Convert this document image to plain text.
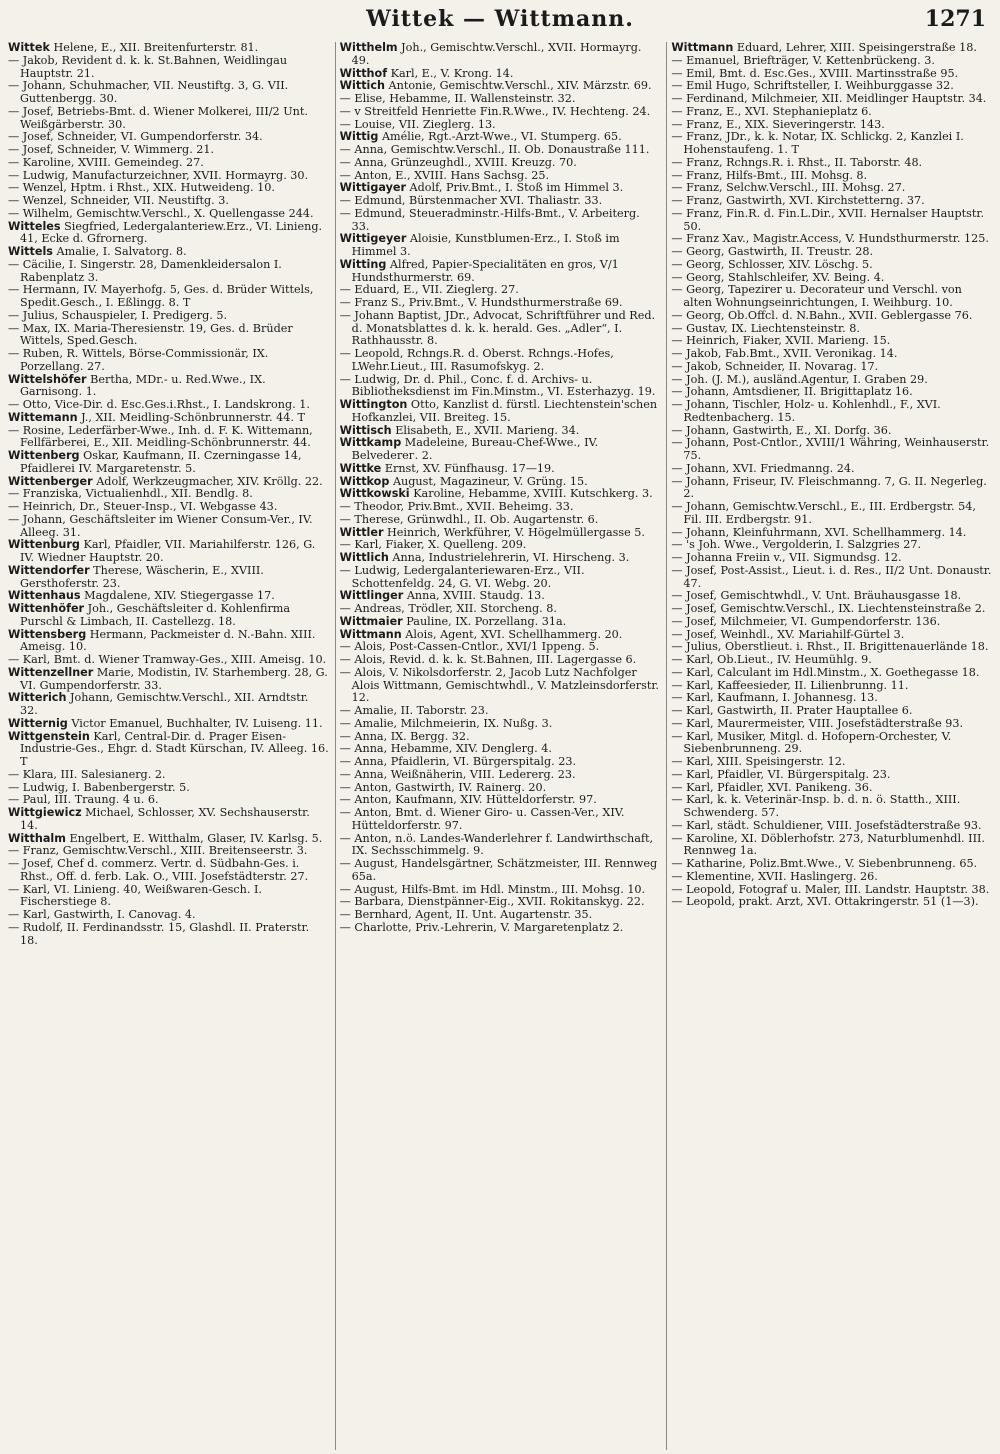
Wittek — Wittmann.	1271

Wittek Helene, E., XII. Breitenfurterstr. 81.

— Jakob, Revident d. k. k. St.Bahnen, Weidlingau Hauptstr. 21.

— Johann, Schuhmacher, VII. Neustiftg. 3, G. VII. Guttenbergg. 30.

— Josef, Betriebs-Bmt. d. Wiener Molkerei, III/2 Unt. Weißgärberstr. 30.

— Josef, Schneider, VI. Gumpendorferstr. 34.

— Josef, Schneider, V. Wimmerg. 21.

— Karoline, XVIII. Gemeindeg. 27.

— Ludwig, Manufacturzeichner, XVII. Hormayrg. 30.

— Wenzel, Hptm. i Rhst., XIX. Hutweideng. 10.

— Wenzel, Schneider, VII. Neustiftg. 3.

— Wilhelm, Gemischtw.Verschl., X. Quellengasse 244.

Witteles Siegfried, Ledergalanteriew.Erz., VI. Linieng. 41, Ecke d. Gfrornerg.

Wittels Amalie, I. Salvatorg. 8.

— Cäcilie, I. Singerstr. 28, Damenkleidersalon I. Rabenplatz 3.

— Hermann, IV. Mayerhofg. 5, Ges. d. Brüder Wittels, Spedit.Gesch., I. Eßlingg. 8. T

— Julius, Schauspieler, I. Predigerg. 5.

— Max, IX. Maria-Theresienstr. 19, Ges. d. Brüder Wittels, Sped.Gesch.

— Ruben, R. Wittels, Börse-Commissionär, IX. Porzellang. 27.

Wittelshöfer Bertha, MDr.- u. Red.Wwe., IX. Garnisong. 1.

— Otto, Vice-Dir. d. Esc.Ges.i.Rhst., I. Landskrong. 1.

Wittemann J., XII. Meidling-Schönbrunnerstr. 44. T

— Rosine, Lederfärber-Wwe., Inh. d. F. K. Wittemann, Fellfärberei, E., XII. Meidling-Schönbrunnerstr. 44.

Wittenberg Oskar, Kaufmann, II. Czerningasse 14, Pfaidlerei IV. Margaretenstr. 5.

Wittenberger Adolf, Werkzeugmacher, XIV. Kröllg. 22.

— Franziska, Victualienhdl., XII. Bendlg. 8.

— Heinrich, Dr., Steuer-Insp., VI. Webgasse 43.

— Johann, Geschäftsleiter im Wiener Consum-Ver., IV. Alleeg. 31.

Wittenburg Karl, Pfaidler, VII. Mariahilferstr. 126, G. IV. Wiedner Hauptstr. 20.

Wittendorfer Therese, Wäscherin, E., XVIII. Gersthoferstr. 23.

Wittenhaus Magdalene, XIV. Stiegergasse 17.

Wittenhöfer Joh., Geschäftsleiter d. Kohlenfirma Purschl & Limbach, II. Castellezg. 18.

Wittensberg Hermann, Packmeister d. N.-Bahn. XIII. Ameisg. 10.

— Karl, Bmt. d. Wiener Tramway-Ges., XIII. Ameisg. 10.

Wittenzellner Marie, Modistin, IV. Starhemberg. 28, G. VI. Gumpendorferstr. 33.

Witterich Johann, Gemischtw.Verschl., XII. Arndtstr. 32.

Witternig Victor Emanuel, Buchhalter, IV. Luiseng. 11.

Wittgenstein Karl, Central-Dir. d. Prager Eisen-Industrie-Ges., Ehgr. d. Stadt Kürschan, IV. Alleeg. 16. T

— Klara, III. Salesianerg. 2.

— Ludwig, I. Babenbergerstr. 5.

— Paul, III. Traung. 4 u. 6.

Wittgiewicz Michael, Schlosser, XV. Sechshauserstr. 14.

Witthalm Engelbert, E. Witthalm, Glaser, IV. Karlsg. 5.

— Franz, Gemischtw.Verschl., XIII. Breitenseerstr. 3.

— Josef, Chef d. commerz. Vertr. d. Südbahn-Ges. i. Rhst., Off. d. ferb. Lak. O., VIII. Josefstädterstr. 27.

— Karl, VI. Linieng. 40, Weißwaren-Gesch. I. Fischerstiege 8.

— Karl, Gastwirth, I. Canovag. 4.

— Rudolf, II. Ferdinandsstr. 15, Glashdl. II. Praterstr. 18.

Witthelm Joh., Gemischtw.Verschl., XVII. Hormayrg. 49.

Witthof Karl, E., V. Krong. 14.

Wittich Antonie, Gemischtw.Verschl., XIV. Märzstr. 69.

— Elise, Hebamme, II. Wallensteinstr. 32.

— v Streitfeld Henriette Fin.R.Wwe., IV. Hechteng. 24.

— Louise, VII. Zieglerg. 13.

Wittig Amélie, Rgt.-Arzt-Wwe., VI. Stumperg. 65.

— Anna, Gemischtw.Verschl., II. Ob. Donaustraße 111.

— Anna, Grünzeughdl., XVIII. Kreuzg. 70.

— Anton, E., XVIII. Hans Sachsg. 25.

Wittigayer Adolf, Priv.Bmt., I. Stoß im Himmel 3.

— Edmund, Bürstenmacher XVI. Thaliastr. 33.

— Edmund, Steueradminstr.-Hilfs-Bmt., V. Arbeiterg. 33.

Wittigeyer Aloisie, Kunstblumen-Erz., I. Stoß im Himmel 3.

Witting Alfred, Papier-Specialitäten en gros, V/1 Hundsthurmerstr. 69.

— Eduard, E., VII. Zieglerg. 27.

— Franz S., Priv.Bmt., V. Hundsthurmerstraße 69.

— Johann Baptist, JDr., Advocat, Schriftführer und Red. d. Monatsblattes d. k. k. herald. Ges. „Adler“, I. Rathhausstr. 8.

— Leopold, Rchngs.R. d. Oberst. Rchngs.-Hofes, LWehr.Lieut., III. Rasumofskyg. 2.

— Ludwig, Dr. d. Phil., Conc. f. d. Archivs- u. Bibliotheksdienst im Fin.Minstm., VI. Esterhazyg. 19.

Wittington Otto, Kanzlist d. fürstl. Liechtenstein'schen Hofkanzlei, VII. Breiteg. 15.

Wittisch Elisabeth, E., XVII. Marieng. 34.

Wittkamp Madeleine, Bureau-Chef-Wwe., IV. Belvederег. 2.

Wittke Ernst, XV. Fünfhausg. 17—19.

Wittkop August, Magazineur, V. Grüng. 15.

Wittkowski Karoline, Hebamme, XVIII. Kutschkerg. 3.

— Theodor, Priv.Bmt., XVII. Beheimg. 33.

— Therese, Grünwdhl., II. Ob. Augartenstr. 6.

Wittler Heinrich, Werkführer, V. Högelmüllergasse 5.

— Karl, Fiaker, X. Quelleng. 209.

Wittlich Anna, Industrielehrerin, VI. Hirscheng. 3.

— Ludwig, Ledergalanteriewaren-Erz., VII. Schottenfeldg. 24, G. VI. Webg. 20.

Wittlinger Anna, XVIII. Staudg. 13.

— Andreas, Trödler, XII. Storcheng. 8.

Wittmaier Pauline, IX. Porzellang. 31a.

Wittmann Alois, Agent, XVI. Schellhammerg. 20.

— Alois, Post-Cassen-Cntlor., XVI/1 Ippeng. 5.

— Alois, Revid. d. k. k. St.Bahnen, III. Lagergasse 6.

— Alois, V. Nikolsdorferstr. 2, Jacob Lutz Nachfolger Alois Wittmann, Gemischtwhdl., V. Matzleinsdorferstr. 12.

— Amalie, II. Taborstr. 23.

— Amalie, Milchmeierin, IX. Nußg. 3.

— Anna, IX. Bergg. 32.

— Anna, Hebamme, XIV. Denglerg. 4.

— Anna, Pfaidlerin, VI. Bürgerspitalg. 23.

— Anna, Weißnäherin, VIII. Ledererg. 23.

— Anton, Gastwirth, IV. Rainerg. 20.

— Anton, Kaufmann, XIV. Hütteldorferstr. 97.

— Anton, Bmt. d. Wiener Giro- u. Cassen-Ver., XIV. Hütteldorferstr. 97.

— Anton, n.ö. Landes-Wanderlehrer f. Landwirthschaft, IX. Sechsschimmelg. 9.

— August, Handelsgärtner, Schätzmeister, III. Rennweg 65a.

— August, Hilfs-Bmt. im Hdl. Minstm., III. Mohsg. 10.

— Barbara, Dienstpänner-Eig., XVII. Rokitanskyg. 22.

— Bernhard, Agent, II. Unt. Augartenstr. 35.

— Charlotte, Priv.-Lehrerin, V. Margaretenplatz 2.

Wittmann Eduard, Lehrer, XIII. Speisingerstraße 18.

— Emanuel, Briefträger, V. Kettenbrückeng. 3.

— Emil, Bmt. d. Esc.Ges., XVIII. Martinsstraße 95.

— Emil Hugo, Schriftsteller, I. Weihburggasse 32.

— Ferdinand, Milchmeier, XII. Meidlinger Hauptstr. 34.

— Franz, E., XVI. Stephanieplatz 6.

— Franz, E., XIX. Sieveringerstr. 143.

— Franz, JDr., k. k. Notar, IX. Schlickg. 2, Kanzlei I. Hohenstaufeng. 1. T

— Franz, Rchngs.R. i. Rhst., II. Taborstr. 48.

— Franz, Hilfs-Bmt., III. Mohsg. 8.

— Franz, Selchw.Verschl., III. Mohsg. 27.

— Franz, Gastwirth, XVI. Kirchstetterng. 37.

— Franz, Fin.R. d. Fin.L.Dir., XVII. Hernalser Hauptstr. 50.

— Franz Xav., Magistr.Access, V. Hundsthurmerstr. 125.

— Georg, Gastwirth, II. Treustr. 28.

— Georg, Schlosser, XIV. Löschg. 5.

— Georg, Stahlschleifer, XV. Being. 4.

— Georg, Tapezirer u. Decorateur und Verschl. von alten Wohnungseinrichtungen, I. Weihburg. 10.

— Georg, Ob.Offcl. d. N.Bahn., XVII. Geblergasse 76.

— Gustav, IX. Liechtensteinstr. 8.

— Heinrich, Fiaker, XVII. Marieng. 15.

— Jakob, Fab.Bmt., XVII. Veronikag. 14.

— Jakob, Schneider, II. Novarag. 17.

— Joh. (J. M.), ausländ.Agentur, I. Graben 29.

— Johann, Amtsdiener, II. Brigittaplatz 16.

— Johann, Tischler, Holz- u. Kohlenhdl., F., XVI. Redtenbacherg. 15.

— Johann, Gastwirth, E., XI. Dorfg. 36.

— Johann, Post-Cntlor., XVIII/1 Währing, Weinhauserstr. 75.

— Johann, XVI. Friedmanng. 24.

— Johann, Friseur, IV. Fleischmanng. 7, G. II. Negerleg. 2.

— Johann, Gemischtw.Verschl., E., III. Erdbergstr. 54, Fil. III. Erdbergstr. 91.

— Johann, Kleinfuhrmann, XVI. Schellhammerg. 14.

— 's Joh. Wwe., Vergolderin, I. Salzgries 27.

— Johanna Freiin v., VII. Sigmundsg. 12.

— Josef, Post-Assist., Lieut. i. d. Res., II/2 Unt. Donaustr. 47.

— Josef, Gemischtwhdl., V. Unt. Bräuhausgasse 18.

— Josef, Gemischtw.Verschl., IX. Liechtensteinstraße 2.

— Josef, Milchmeier, VI. Gumpendorferstr. 136.

— Josef, Weinhdl., XV. Mariahilf-Gürtel 3.

— Julius, Oberstlieut. i. Rhst., II. Brigittenauerlände 18.

— Karl, Ob.Lieut., IV. Heumühlg. 9.

— Karl, Calculant im Hdl.Minstm., X. Goethegasse 18.

— Karl, Kaffeesieder, II. Lilienbrunng. 11.

— Karl, Kaufmann, I. Johannesg. 13.

— Karl, Gastwirth, II. Prater Hauptallee 6.

— Karl, Maurermeister, VIII. Josefstädterstraße 93.

— Karl, Musiker, Mitgl. d. Hofopern-Orchester, V. Siebenbrunneng. 29.

— Karl, XIII. Speisingerstr. 12.

— Karl, Pfaidler, VI. Bürgerspitalg. 23.

— Karl, Pfaidler, XVI. Panikeng. 36.

— Karl, k. k. Veterinär-Insp. b. d. n. ö. Statth., XIII. Schwenderg. 57.

— Karl, städt. Schuldiener, VIII. Josefstädterstraße 93.

— Karoline, XI. Döblerhofstr. 273, Naturblumenhdl. III. Rennweg 1a.

— Katharine, Poliz.Bmt.Wwe., V. Siebenbrunneng. 65.

— Klementine, XVII. Haslingerg. 26.

— Leopold, Fotograf u. Maler, III. Landstr. Hauptstr. 38.

— Leopold, prakt. Arzt, XVI. Ottakringerstr. 51 (1—3).
